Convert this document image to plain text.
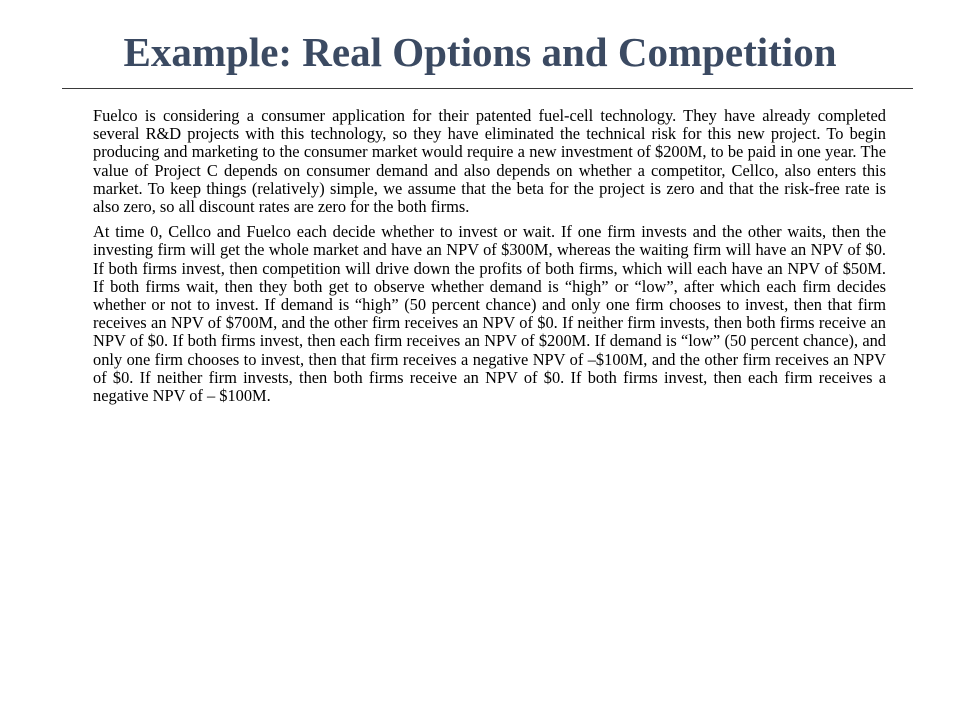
Example: Real Options and Competition

Fuelco is considering a consumer application for their patented fuel-cell technology. They have already completed several R&D projects with this technology, so they have eliminated the technical risk for this new project. To begin producing and marketing to the consumer market would require a new investment of $200M, to be paid in one year. The value of Project C depends on consumer demand and also depends on whether a competitor, Cellco, also enters this market. To keep things (relatively) simple, we assume that the beta for the project is zero and that the risk-free rate is also zero, so all discount rates are zero for the both firms.

At time 0, Cellco and Fuelco each decide whether to invest or wait. If one firm invests and the other waits, then the investing firm will get the whole market and have an NPV of $300M, whereas the waiting firm will have an NPV of $0. If both firms invest, then competition will drive down the profits of both firms, which will each have an NPV of $50M. If both firms wait, then they both get to observe whether demand is “high” or “low”, after which each firm decides whether or not to invest. If demand is “high” (50 percent chance) and only one firm chooses to invest, then that firm receives an NPV of $700M, and the other firm receives an NPV of $0. If neither firm invests, then both firms receive an NPV of $0. If both firms invest, then each firm receives an NPV of $200M. If demand is “low” (50 percent chance), and only one firm chooses to invest, then that firm receives a negative NPV of –$100M, and the other firm receives an NPV of $0. If neither firm invests, then both firms receive an NPV of $0. If both firms invest, then each firm receives a negative NPV of – $100M.
